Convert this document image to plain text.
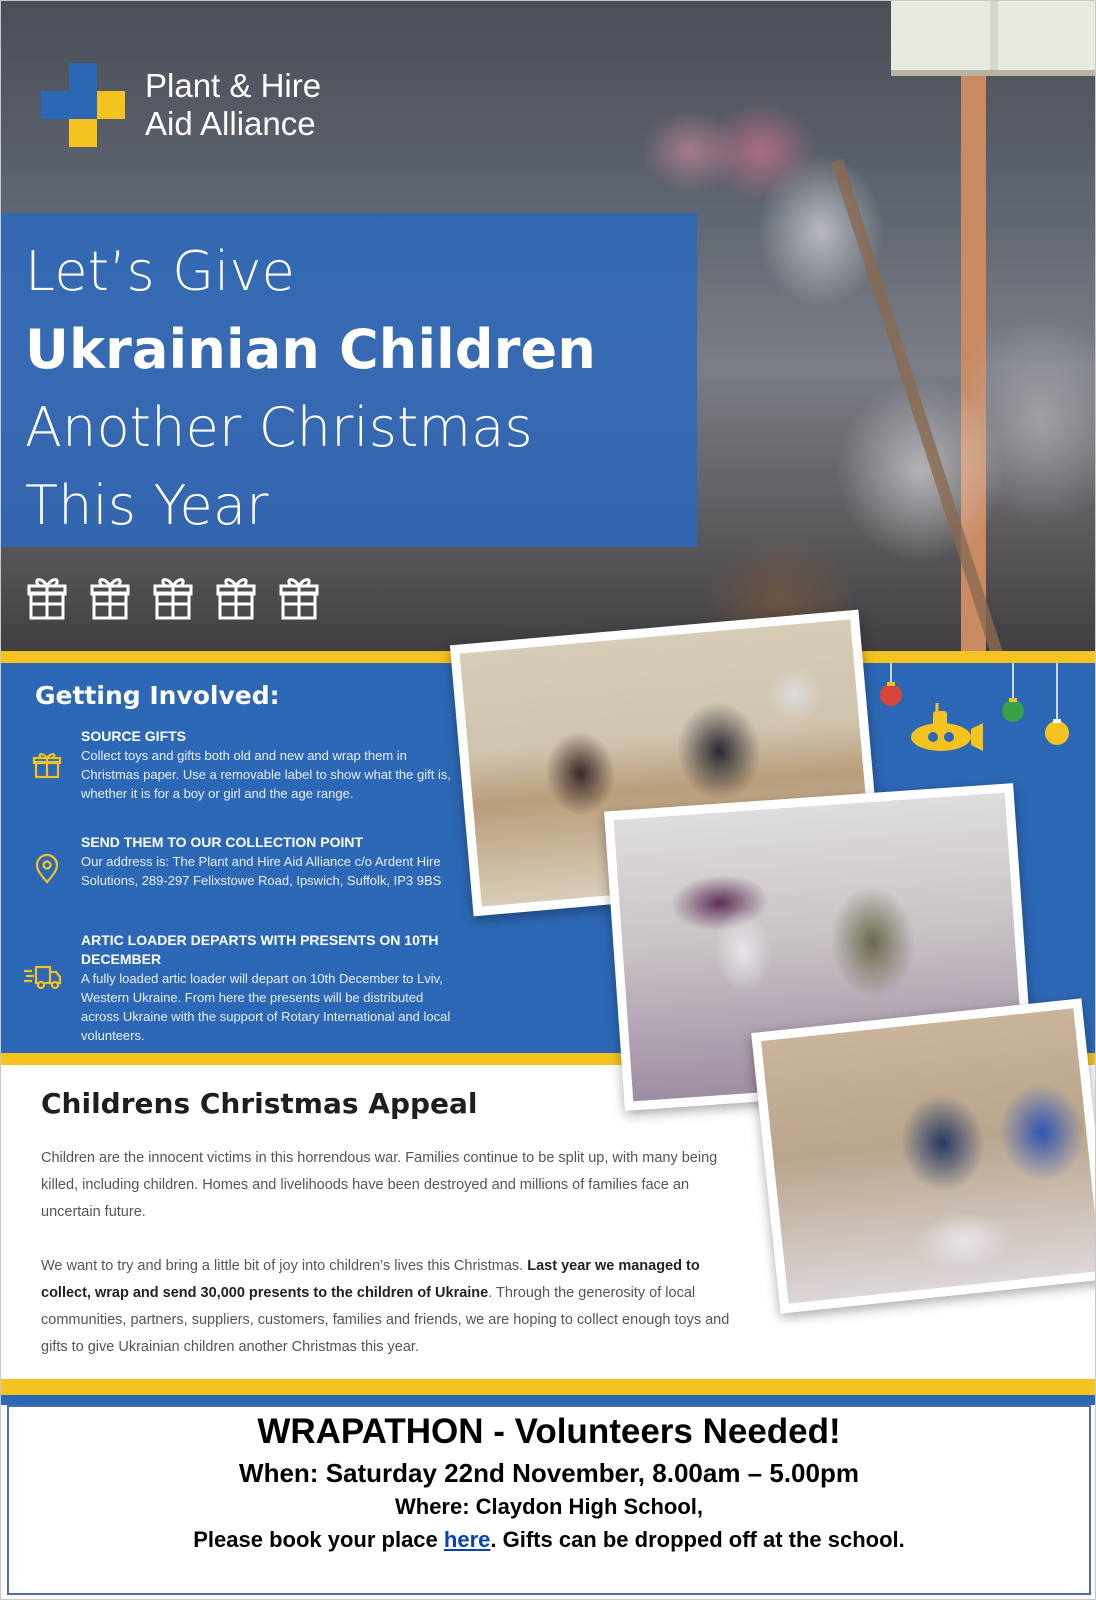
Plant & Hire
Aid Alliance
Let’s Give
Ukrainian Children
Another Christmas
This Year
Getting Involved:
SOURCE GIFTS
Collect toys and gifts both old and new and wrap them in Christmas paper. Use a removable label to show what the gift is, whether it is for a boy or girl and the age range.
SEND THEM TO OUR COLLECTION POINT
Our address is: The Plant and Hire Aid Alliance c/o Ardent Hire Solutions, 289-297 Felixstowe Road, Ipswich, Suffolk, IP3 9BS
ARTIC LOADER DEPARTS WITH PRESENTS ON 10TH DECEMBER
A fully loaded artic loader will depart on 10th December to Lviv, Western Ukraine. From here the presents will be distributed across Ukraine with the support of Rotary International and local volunteers.
Childrens Christmas Appeal
Children are the innocent victims in this horrendous war. Families continue to be split up, with many being killed, including children. Homes and livelihoods have been destroyed and millions of families face an uncertain future.
We want to try and bring a little bit of joy into children’s lives this Christmas. Last year we managed to collect, wrap and send 30,000 presents to the children of Ukraine. Through the generosity of local communities, partners, suppliers, customers, families and friends, we are hoping to collect enough toys and gifts to give Ukrainian children another Christmas this year.
WRAPATHON - Volunteers Needed!
When: Saturday 22nd November, 8.00am – 5.00pm
Where: Claydon High School,
Please book your place here. Gifts can be dropped off at the school.
